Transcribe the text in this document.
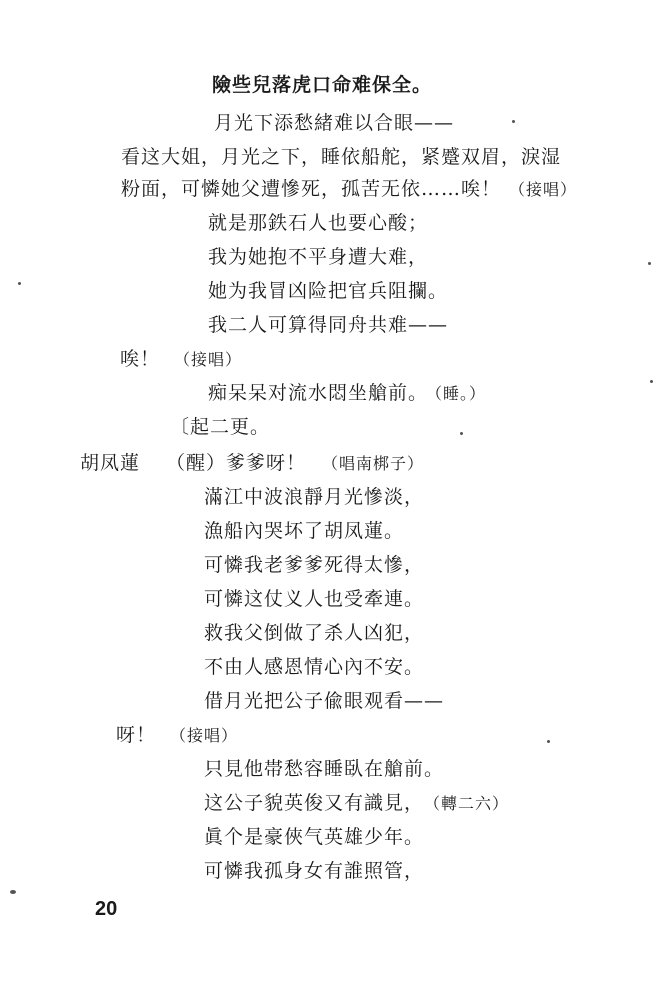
險些兒落虎口命难保全。
月光下添愁緒难以合眼——
看这大姐，月光之下，睡依船舵，紧蹙双眉，淚湿
粉面，可憐她父遭慘死，孤苦无依……唉！ （接唱）
就是那鉄石人也要心酸；
我为她抱不平身遭大难，
她为我冒凶险把官兵阻攔。
我二人可算得同舟共难——
唉！ （接唱）
痴呆呆对流水悶坐艙前。 （睡。）
〔起二更。
胡凤蓮 （醒）爹爹呀！ （唱南梆子）
滿江中波浪靜月光慘淡，
漁船內哭坏了胡凤蓮。
可憐我老爹爹死得太慘，
可憐这仗义人也受牽連。
救我父倒做了杀人凶犯，
不由人感恩情心內不安。
借月光把公子偸眼观看——
呀！ （接唱）
只見他帯愁容睡臥在艙前。
这公子貌英俊又有識見， （轉二六）
眞个是豪俠气英雄少年。
可憐我孤身女有誰照管，
20
